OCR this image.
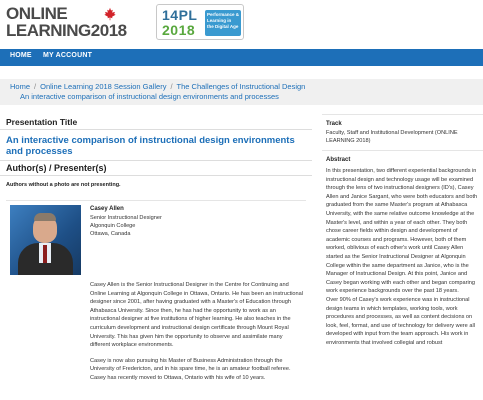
ONLINE
LEARNING2018
14PL
2018
Performance & Learning in the Digital Age
HOME MY ACCOUNT
Home / Online Learning 2018 Session Gallery / The Challenges of Instructional Design
An interactive comparison of instructional design environments and processes
Presentation Title
An interactive comparison of instructional design environments and processes
Author(s) / Presenter(s)
Authors without a photo are not presenting.
Casey Allen
Senior Instructional Designer
Algonquin College
Ottawa, Canada

Casey Allen is the Senior Instructional Designer in the Centre for Continuing and Online Learning at Algonquin College in Ottawa, Ontario. He has been an instructional designer since 2001, after having graduated with a Master's of Education through Athabasca University. Since then, he has had the opportunity to work as an instructional designer at five institutions of higher learning. He also teaches in the curriculum development and instructional design certificate through Mount Royal University. This has given him the opportunity to observe and assimilate many different workplace environments.

Casey is now also pursuing his Master of Business Administration through the University of Fredericton, and in his spare time, he is an amateur football referee. Casey has recently moved to Ottawa, Ontario with his wife of 10 years.

Track
Faculty, Staff and Institutional Development (ONLINE LEARNING 2018)
Abstract
In this presentation, two different experiential backgrounds in instructional design and technology usage will be examined through the lens of two instructional designers (ID's), Casey Allen and Janice Sargant, who were both educators and both graduated from the same Master's program at Athabasca University, with the same relative outcome knowledge at the Master's level, and within a year of each other. They both chose career fields within design and development of academic courses and programs. However, both of them worked, oblivious of each other's work until Casey Allen started as the Senior Instructional Designer at Algonquin College within the same department as Janice, who is the Manager of Instructional Design. At this point, Janice and Casey began working with each other and began comparing work experience backgrounds over the past 18 years.
Over 90% of Casey's work experience was in instructional design teams in which templates, working tools, work procedures and processes, as well as content decisions on look, feel, format, and use of technology for delivery were all developed with input from the team approach. His work in environments that involved collegial and robust
